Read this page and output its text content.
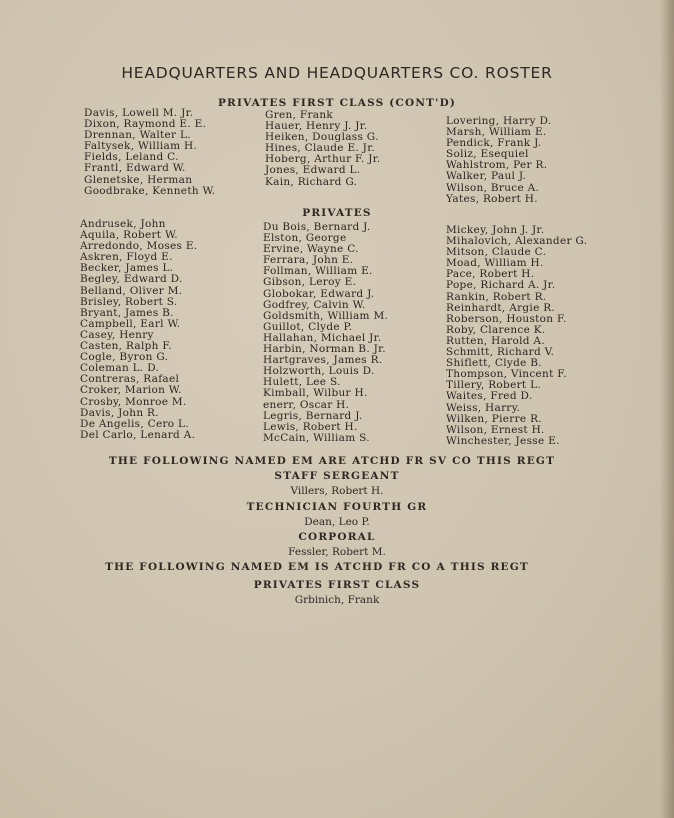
HEADQUARTERS AND HEADQUARTERS CO. ROSTER
PRIVATES FIRST CLASS (CONT'D)
Davis, Lowell M. Jr.
Dixon, Raymond E. E.
Drennan, Walter L.
Faltysek, William H.
Fields, Leland C.
Frantl, Edward W.
Glenetske, Herman
Goodbrake, Kenneth W.
Gren, Frank
Hauer, Henry J. Jr.
Heiken, Douglass G.
Hines, Claude E. Jr.
Hoberg, Arthur F. Jr.
Jones, Edward L.
Kain, Richard G.
Lovering, Harry D.
Marsh, William E.
Pendick, Frank J.
Soliz, Esequiel
Wahlstrom, Per R.
Walker, Paul J.
Wilson, Bruce A.
Yates, Robert H.
PRIVATES
Andrusek, John
Aquila, Robert W.
Arredondo, Moses E.
Askren, Floyd E.
Becker, James L.
Begley, Edward D.
Belland, Oliver M.
Brisley, Robert S.
Bryant, James B.
Campbell, Earl W.
Casey, Henry
Casten, Ralph F.
Cogle, Byron G.
Coleman L. D.
Contreras, Rafael
Croker, Marion W.
Crosby, Monroe M.
Davis, John R.
De Angelis, Cero L.
Del Carlo, Lenard A.
Du Bois, Bernard J.
Elston, George
Ervine, Wayne C.
Ferrara, John E.
Follman, William E.
Gibson, Leroy E.
Globokar, Edward J.
Godfrey, Calvin W.
Goldsmith, William M.
Guillot, Clyde P.
Hallahan, Michael Jr.
Harbin, Norman B. Jr.
Hartgraves, James R.
Holzworth, Louis D.
Hulett, Lee S.
Kimball, Wilbur H.
enerr, Oscar H.
Legris, Bernard J.
Lewis, Robert H.
McCain, William S.
Mickey, John J. Jr.
Mihalovich, Alexander G.
Mitson, Claude C.
Moad, William H.
Pace, Robert H.
Pope, Richard A. Jr.
Rankin, Robert R.
Reinhardt, Argie R.
Roberson, Houston F.
Roby, Clarence K.
Rutten, Harold A.
Schmitt, Richard V.
Shiflett, Clyde B.
Thompson, Vincent F.
Tillery, Robert L.
Waites, Fred D.
Weiss, Harry.
Wilken, Pierre R.
Wilson, Ernest H.
Winchester, Jesse E.
THE FOLLOWING NAMED EM ARE ATCHD FR SV CO THIS REGT
STAFF SERGEANT
Villers, Robert H.
TECHNICIAN FOURTH GR
Dean, Leo P.
CORPORAL
Fessler, Robert M.
THE FOLLOWING NAMED EM IS ATCHD FR CO A THIS REGT
PRIVATES FIRST CLASS
Grbinich, Frank
